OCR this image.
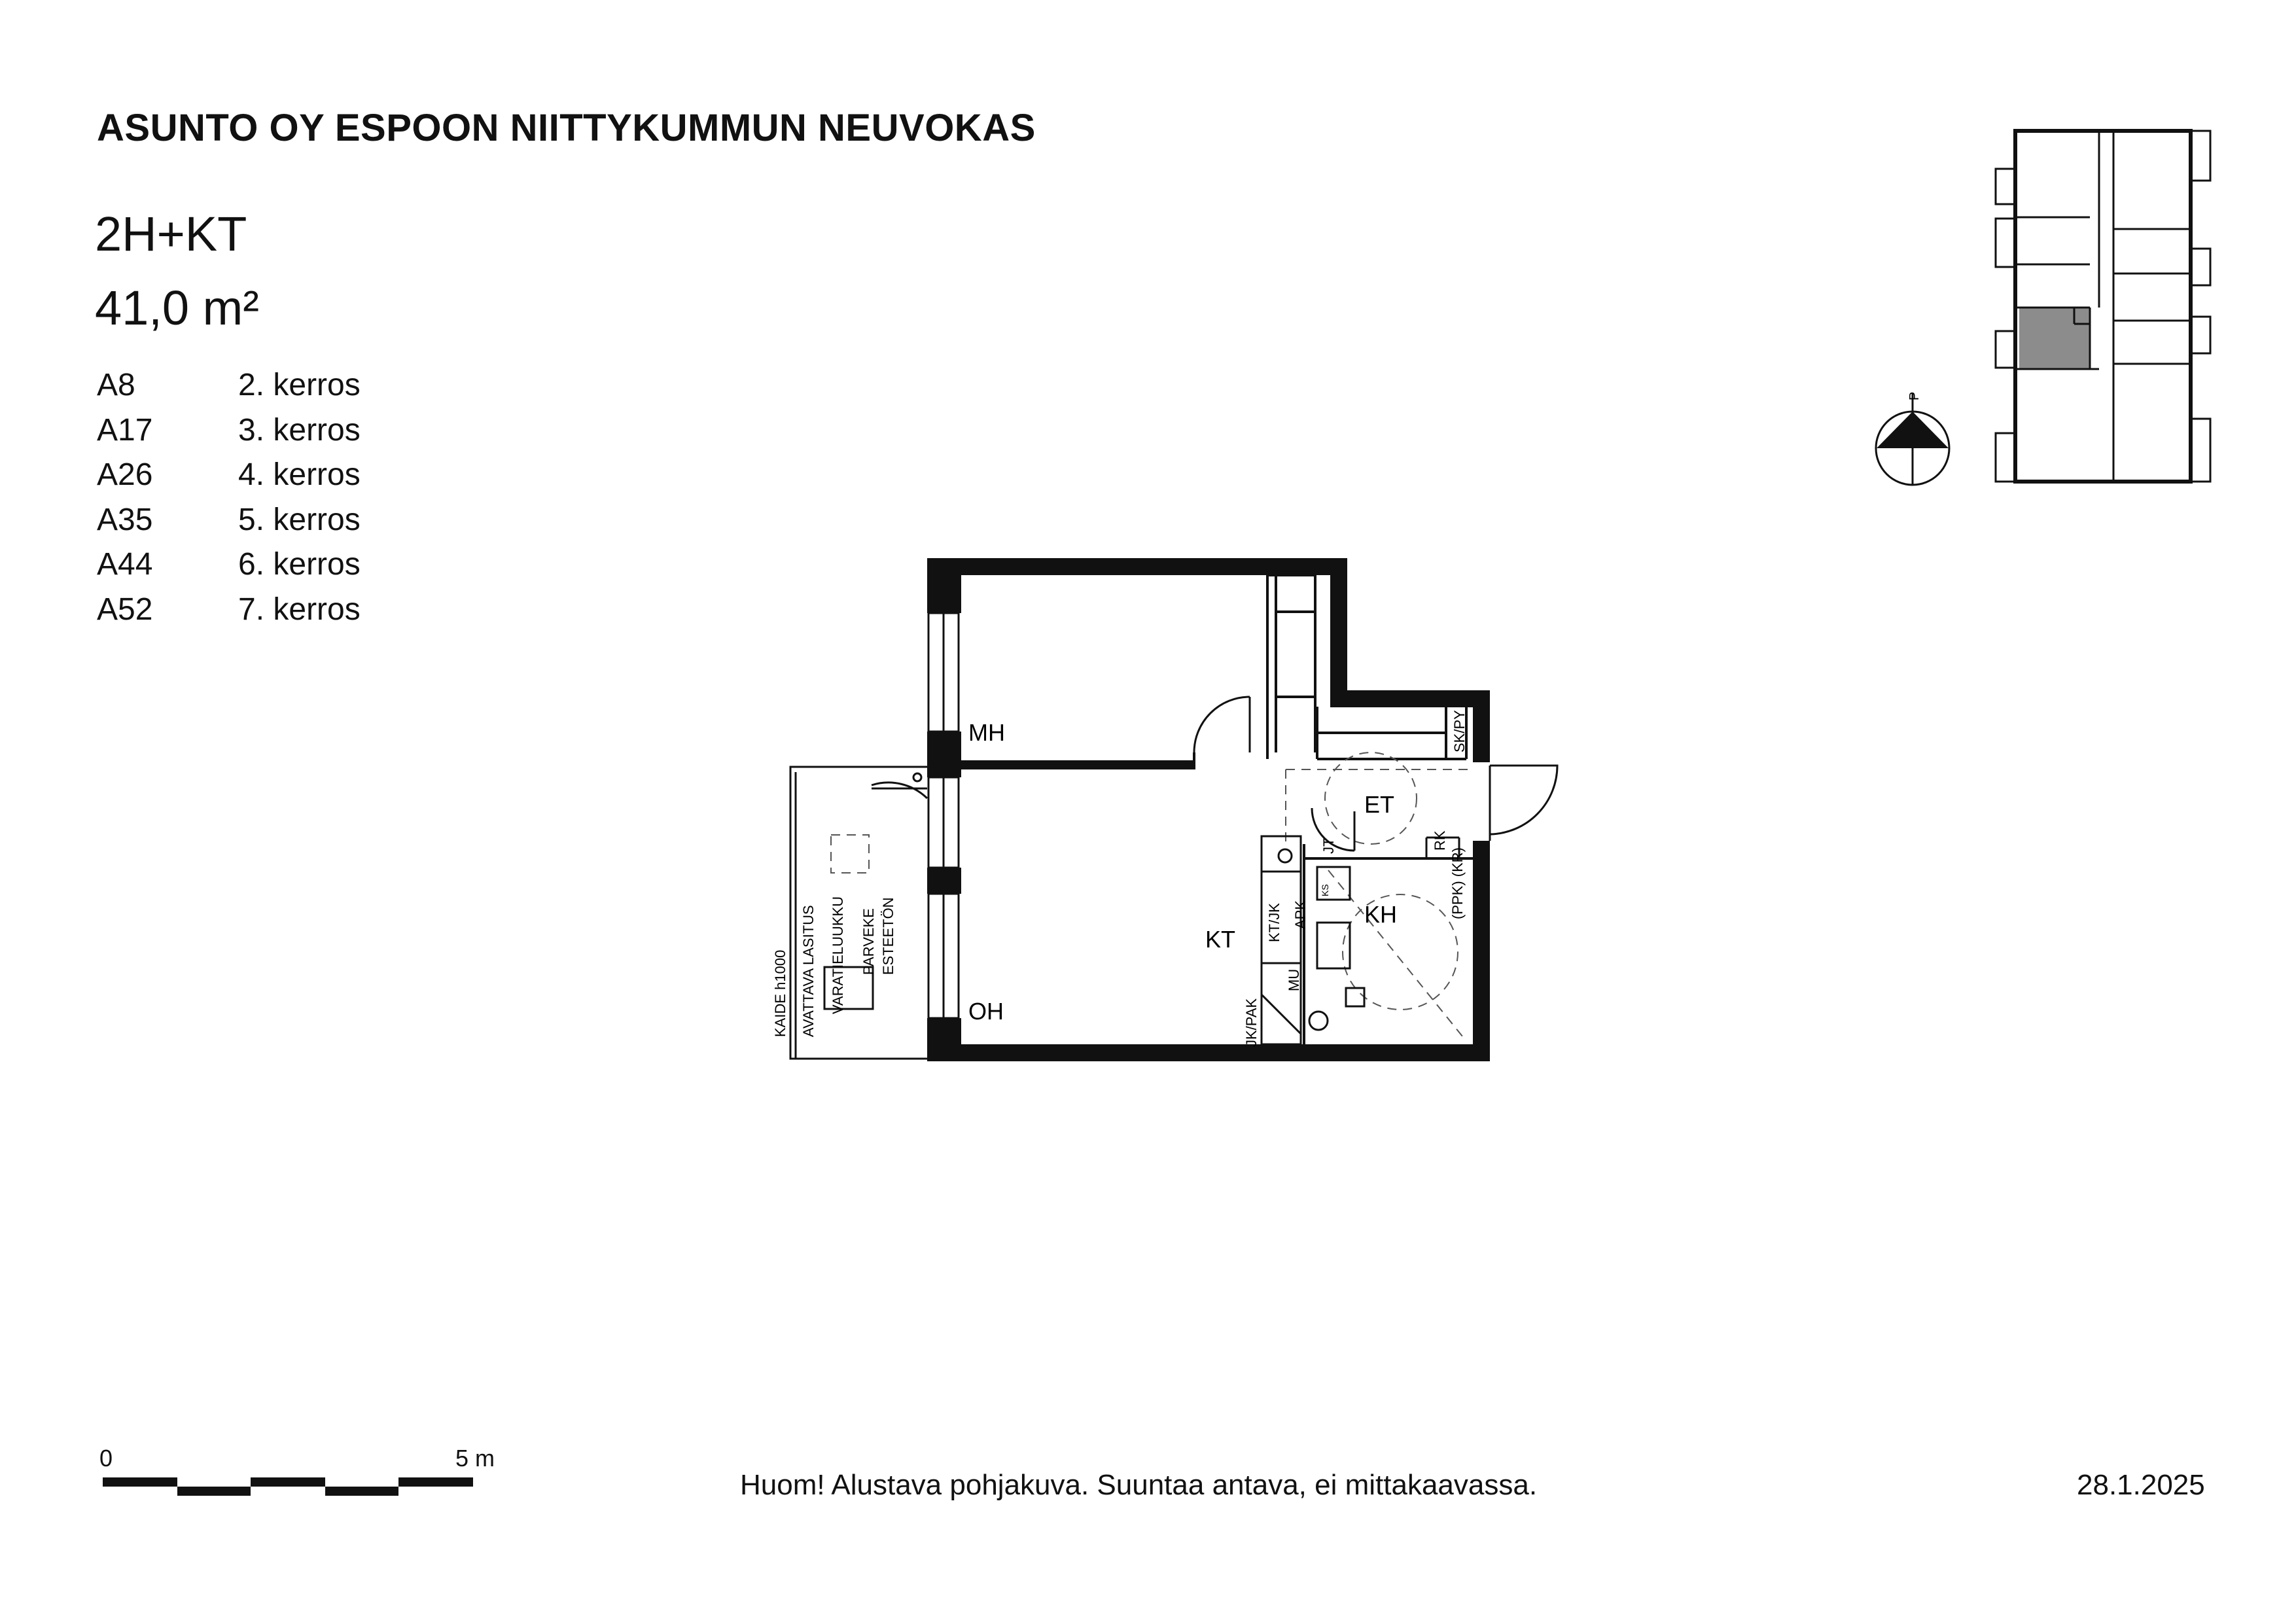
ASUNTO OY ESPOON NIITTYKUMMUN NEUVOKAS
2H+KT
41,0 m²
A8	2. kerros
A17	3. kerros
A26	4. kerros
A35	5. kerros
A44	6. kerros
A52	7. kerros
P
MH
OH
KT
ET
KH
SK/PY
JT	RK
(PPK) (KR)
APK
KT/JK
MU
JK/PAK
KS
KAIDE h1000 AVATTAVA LASITUS VARATIELUUKKU PARVEKE ESTEETÖN
0	5 m
Huom! Alustava pohjakuva. Suuntaa antava, ei mittakaavassa.	28.1.2025
